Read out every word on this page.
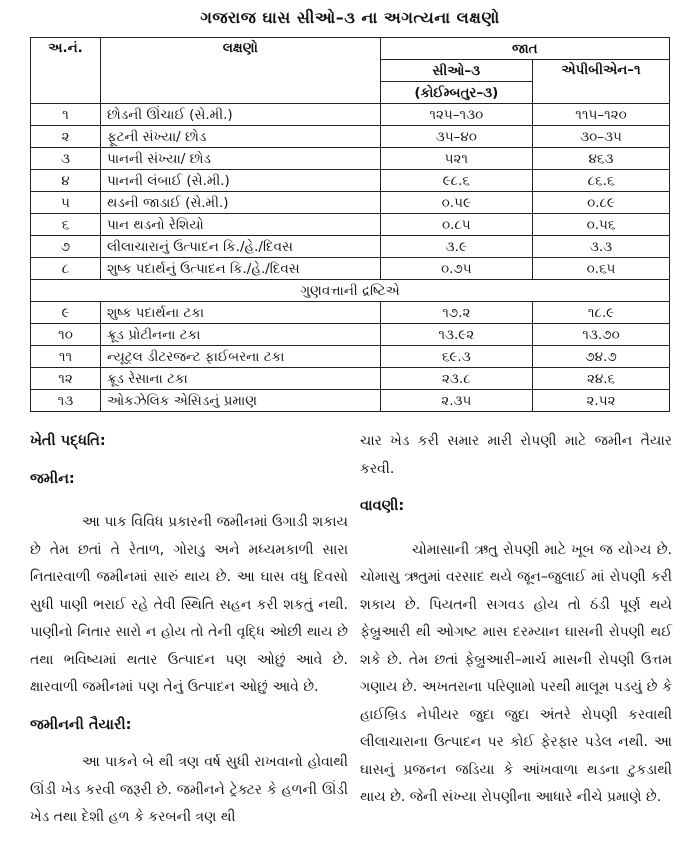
ગજરાજ ઘાસ સીઓ–૩ ના અગત્યના લક્ષણો
અ.નં.	લક્ષણો	જાત	
		સીઓ–૩	એપીબીએન–૧
		(કોઈમ્બતુર–૩)	
૧	છોડની ઊંચાઈ (સે.મી.)	૧૨૫–૧૩૦	૧૧૫–૧૨૦
૨	ફૂટની સંખ્યા/ છોડ	૩૫–૪૦	૩૦–૩૫
૩	પાનની સંખ્યા/ છોડ	૫૨૧	૪૬૩
૪	પાનની લંબાઈ (સે.મી.)	૯૮.૬	૮૬.૬
૫	થડની જાડાઈ (સે.મી.)	૦.૫૯	૦.૮૯
૬	પાન થડનો રેશિયો	૦.૮૫	૦.૫૬
૭	લીલાચારાનું ઉત્પાદન કિ./હે./દિવસ	૩.૯	૩.૩
૮	શુષ્ક પદાર્થનું ઉત્પાદન કિ./હે./દિવસ	૦.૭૫	૦.૬૫
ગુણવત્તાની દ્રષ્ટિએ			
૯	શુષ્ક પદાર્થના ટકા	૧૭.૨	૧૮.૯
૧૦	ક્રૂડ પ્રોટીનના ટકા	૧૩.૯૨	૧૩.૭૦
૧૧	ન્યૂટ્રલ ડીટરજન્ટ ફાઈબરના ટકા	૬૯.૩	૭૪.૭
૧૨	ક્રૂડ રેસાના ટકા	૨૩.૮	૨૪.૬
૧૩	ઓકઝેલિક એસિડનું પ્રમાણ	૨.૩૫	૨.૫૨
ખેતી પદ્ધતિ:
જમીન:

આ પાક વિવિધ પ્રકારની જમીનમાં ઉગાડી શકાય છે તેમ છતાં તે રેતાળ, ગોરાડુ અને મધ્યમકાળી સારા નિતારવાળી જમીનમાં સારું થાય છે. આ ઘાસ વધુ દિવસો સુધી પાણી ભરાઈ રહે તેવી સ્થિતિ સહન કરી શકતું નથી. પાણીનો નિતાર સારો ન હોય તો તેની વૃદ્ધિ ઓછી થાય છે તથા ભવિષ્યમાં થતાર ઉત્પાદન પણ ઓછું આવે છે. ક્ષારવાળી જમીનમાં પણ તેનું ઉત્પાદન ઓછું આવે છે.

જમીનની તૈયારી:

આ પાકને બે થી ત્રણ વર્ષ સુધી રાખવાનો હોવાથી ઊંડી ખેડ કરવી જરૂરી છે. જમીનને ટ્રેક્ટર કે હળની ઊંડી ખેડ તથા દેશી હળ કે કરબની ત્રણ થી

ચાર ખેડ કરી સમાર મારી રોપણી માટે જમીન તૈયાર કરવી.

વાવણી:

ચોમાસાની ઋતુ રોપણી માટે ખૂબ જ યોગ્ય છે. ચોમાસુ ઋતુમાં વરસાદ થયે જૂન–જુલાઈ માં રોપણી કરી શકાય છે. પિયતની સગવડ હોય તો ઠંડી પૂર્ણ થયે ફેબ્રુઆરી થી ઓગષ્ટ માસ દરમ્યાન ઘાસની રોપણી થઈ શકે છે. તેમ છતાં ફેબ્રુઆરી–માર્ચ માસની રોપણી ઉત્તમ ગણાય છે. અખતરાના પરિણામો પરથી માલૂમ પડયું છે કે હાઈબ્રિડ નેપીયર જુદા જુદા અંતરે રોપણી કરવાથી લીલાચારાના ઉત્પાદન પર કોઈ ફેરફાર પડેલ નથી. આ ઘાસનું પ્રજનન જડિયા કે આંખવાળા થડના ટુકડાથી થાય છે. જેની સંખ્યા રોપણીના આધારે નીચે પ્રમાણે છે.
